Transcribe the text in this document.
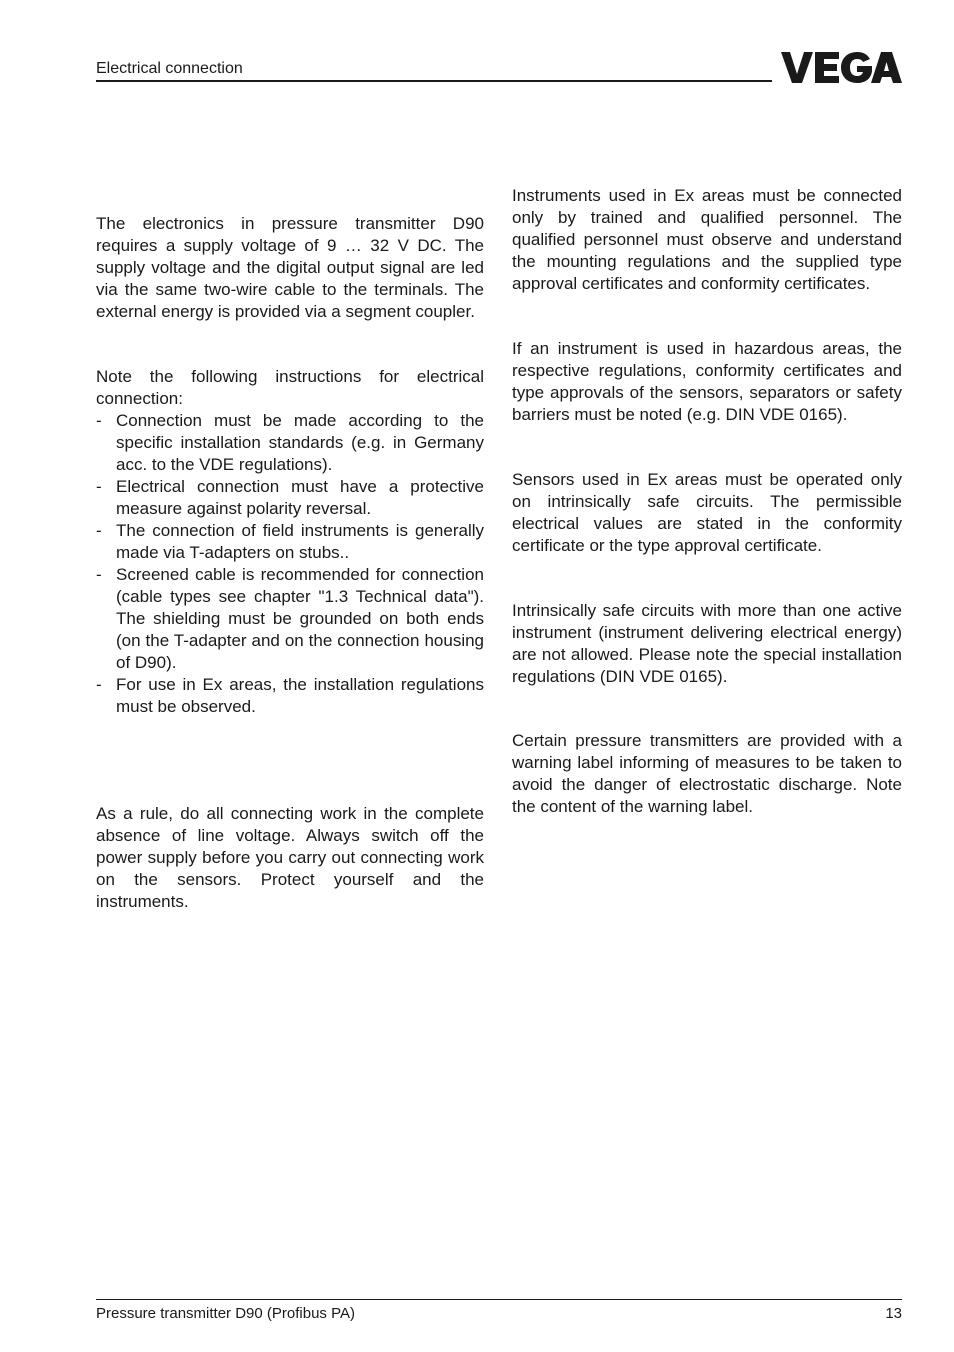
Electrical connection

The electronics in pressure transmitter D90 requires a supply voltage of 9 … 32 V DC. The supply voltage and the digital output signal are led via the same two-wire cable to the terminals. The external energy is provided via a segment coupler.

Note the following instructions for electrical connection:
- Connection must be made according to the specific installation standards (e.g. in Germany acc. to the VDE regulations).
- Electrical connection must have a protective measure against polarity reversal.
- The connection of field instruments is generally made via T-adapters on stubs..
- Screened cable is recommended for connection (cable types see chapter "1.3 Technical data"). The shielding must be grounded on both ends (on the T-adapter and on the connection housing of D90).
- For use in Ex areas, the installation regulations must be observed.

As a rule, do all connecting work in the complete absence of line voltage. Always switch off the power supply before you carry out connecting work on the sensors. Protect yourself and the instruments.

Instruments used in Ex areas must be connected only by trained and qualified personnel. The qualified personnel must observe and understand the mounting regulations and the supplied type approval certificates and conformity certificates.

If an instrument is used in hazardous areas, the respective regulations, conformity certificates and type approvals of the sensors, separators or safety barriers must be noted (e.g. DIN VDE 0165).

Sensors used in Ex areas must be operated only on intrinsically safe circuits. The permissible electrical values are stated in the conformity certificate or the type approval certificate.

Intrinsically safe circuits with more than one active instrument (instrument delivering electrical energy) are not allowed. Please note the special installation regulations (DIN VDE 0165).

Certain pressure transmitters are provided with a warning label informing of measures to be taken to avoid the danger of electrostatic discharge. Note the content of the warning label.

Pressure transmitter D90 (Profibus PA)	13
